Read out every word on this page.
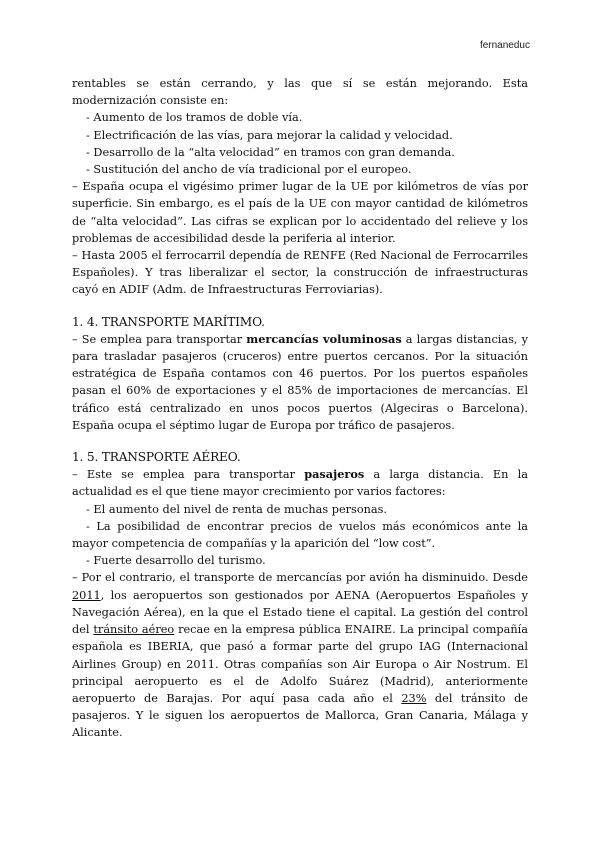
fernaneduc

rentables se están cerrando, y las que sí se están mejorando. Esta modernización consiste en:

- Aumento de los tramos de doble vía.

- Electrificación de las vías, para mejorar la calidad y velocidad.

- Desarrollo de la “alta velocidad” en tramos con gran demanda.

- Sustitución del ancho de vía tradicional por el europeo.

– España ocupa el vigésimo primer lugar de la UE por kilómetros de vías por superficie. Sin embargo, es el país de la UE con mayor cantidad de kilómetros de “alta velocidad”. Las cifras se explican por lo accidentado del relieve y los problemas de accesibilidad desde la periferia al interior.

– Hasta 2005 el ferrocarril dependía de RENFE (Red Nacional de Ferrocarriles Españoles). Y tras liberalizar el sector, la construcción de infraestructuras cayó en ADIF (Adm. de Infraestructuras Ferroviarias).

1. 4. TRANSPORTE MARÍTIMO.

– Se emplea para transportar mercancías voluminosas a largas distancias, y para trasladar pasajeros (cruceros) entre puertos cercanos. Por la situación estratégica de España contamos con 46 puertos. Por los puertos españoles pasan el 60% de exportaciones y el 85% de importaciones de mercancías. El tráfico está centralizado en unos pocos puertos (Algeciras o Barcelona). España ocupa el séptimo lugar de Europa por tráfico de pasajeros.

1. 5. TRANSPORTE AÉREO.

– Este se emplea para transportar pasajeros a larga distancia. En la actualidad es el que tiene mayor crecimiento por varios factores:

- El aumento del nivel de renta de muchas personas.

- La posibilidad de encontrar precios de vuelos más económicos ante la mayor competencia de compañías y la aparición del “low cost”.

- Fuerte desarrollo del turismo.

– Por el contrario, el transporte de mercancías por avión ha disminuido. Desde 2011, los aeropuertos son gestionados por AENA (Aeropuertos Españoles y Navegación Aérea), en la que el Estado tiene el capital. La gestión del control del tránsito aéreo recae en la empresa pública ENAIRE. La principal compañía española es IBERIA, que pasó a formar parte del grupo IAG (Internacional Airlines Group) en 2011. Otras compañías son Air Europa o Air Nostrum. El principal aeropuerto es el de Adolfo Suárez (Madrid), anteriormente aeropuerto de Barajas. Por aquí pasa cada año el 23% del tránsito de pasajeros. Y le siguen los aeropuertos de Mallorca, Gran Canaria, Málaga y Alicante.
